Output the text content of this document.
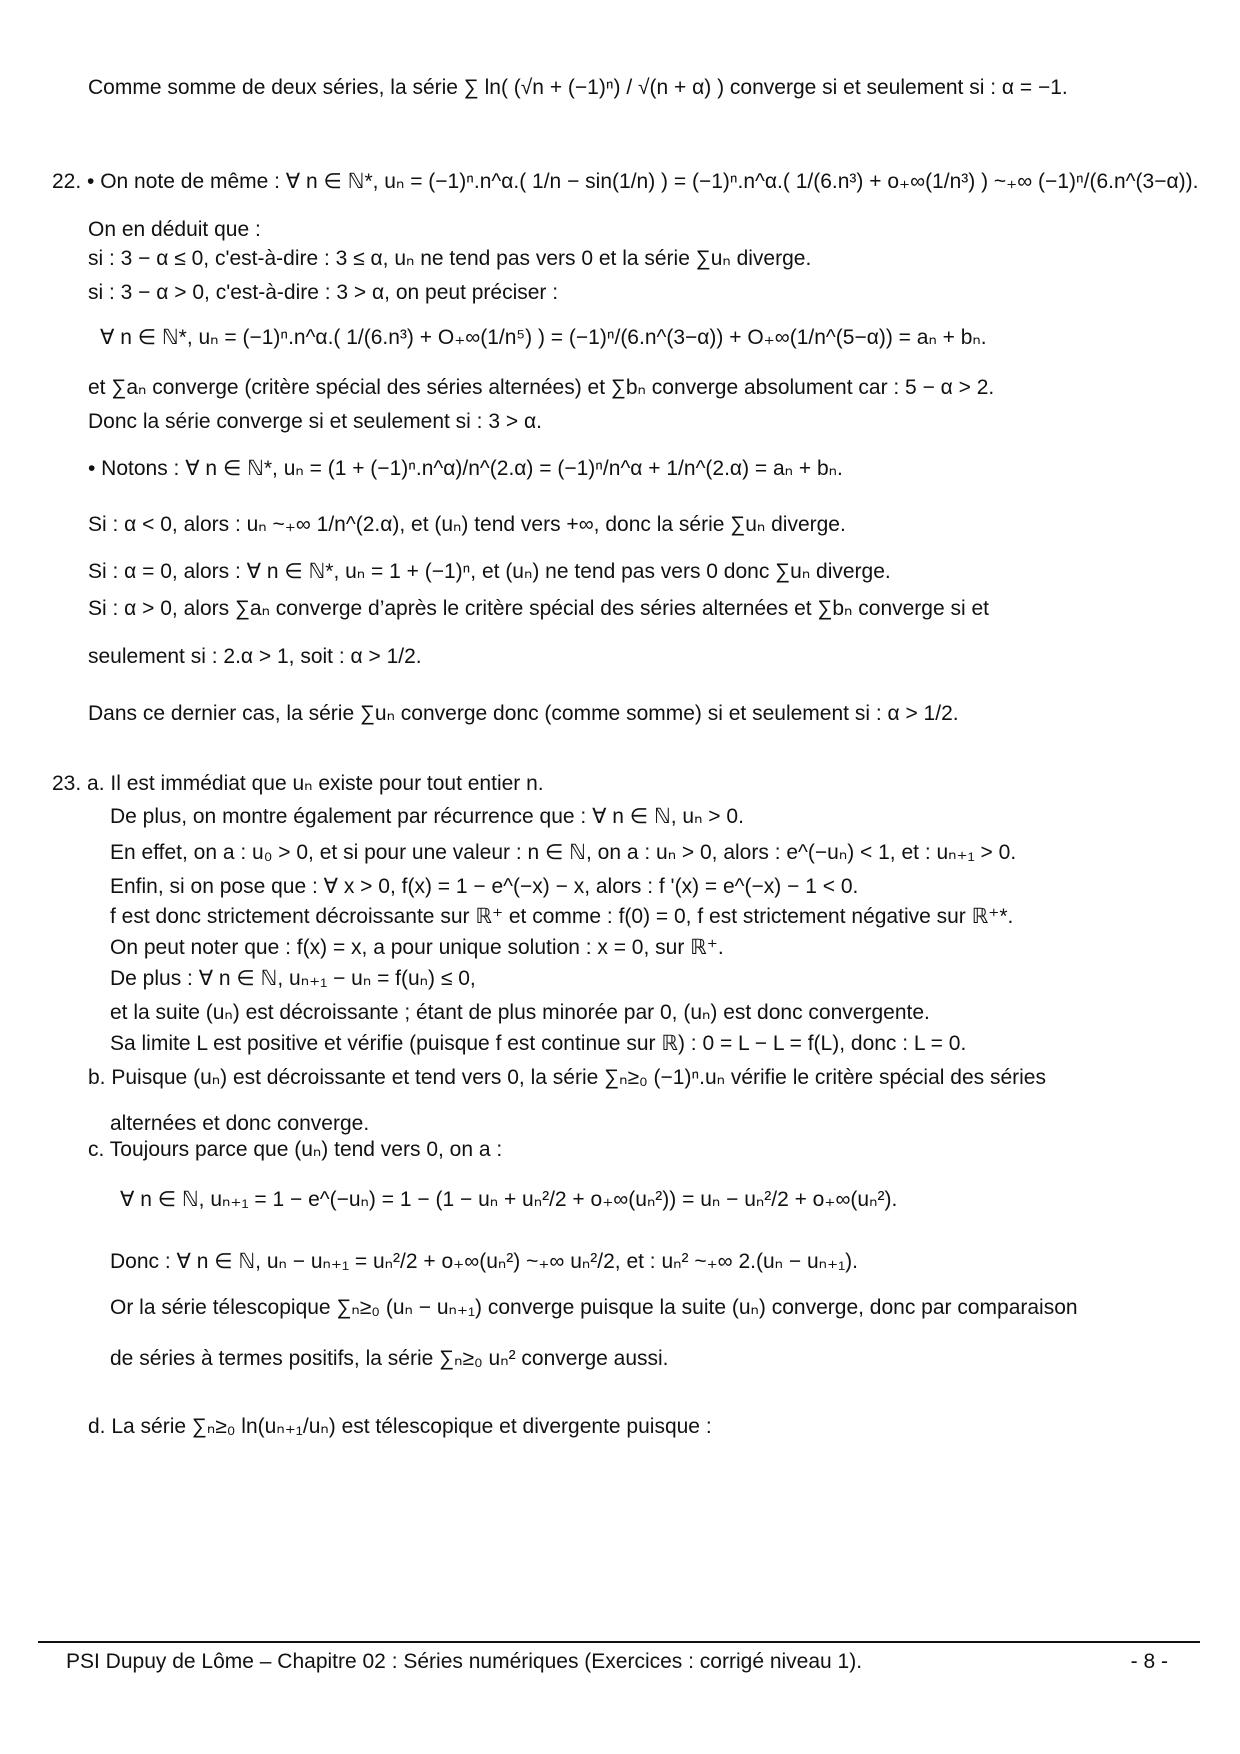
Comme somme de deux séries, la série ∑ ln( (√n + (−1)ⁿ) / √(n + α) ) converge si et seulement si : α = −1.
22. • On note de même : ∀ n ∈ ℕ*, uₙ = (−1)ⁿ.n^α.( 1/n − sin(1/n) ) = (−1)ⁿ.n^α.( 1/(6.n³) + o₊∞(1/n³) ) ~₊∞ (−1)ⁿ/(6.n^(3−α)).
On en déduit que :
si : 3 − α ≤ 0, c'est-à-dire : 3 ≤ α, uₙ ne tend pas vers 0 et la série ∑uₙ diverge.
si : 3 − α > 0, c'est-à-dire : 3 > α, on peut préciser :
∀ n ∈ ℕ*, uₙ = (−1)ⁿ.n^α.( 1/(6.n³) + O₊∞(1/n⁵) ) = (−1)ⁿ/(6.n^(3−α)) + O₊∞(1/n^(5−α)) = aₙ + bₙ.
et ∑aₙ converge (critère spécial des séries alternées) et ∑bₙ converge absolument car : 5 − α > 2.
Donc la série converge si et seulement si : 3 > α.
• Notons : ∀ n ∈ ℕ*, uₙ = (1 + (−1)ⁿ.n^α)/n^(2.α) = (−1)ⁿ/n^α + 1/n^(2.α) = aₙ + bₙ.
Si : α < 0, alors : uₙ ~₊∞ 1/n^(2.α), et (uₙ) tend vers +∞, donc la série ∑uₙ diverge.
Si : α = 0, alors : ∀ n ∈ ℕ*, uₙ = 1 + (−1)ⁿ, et (uₙ) ne tend pas vers 0 donc ∑uₙ diverge.
Si : α > 0, alors ∑aₙ converge d’après le critère spécial des séries alternées et ∑bₙ converge si et
seulement si : 2.α > 1, soit : α > 1/2.
Dans ce dernier cas, la série ∑uₙ converge donc (comme somme) si et seulement si : α > 1/2.
23. a. Il est immédiat que uₙ existe pour tout entier n.
De plus, on montre également par récurrence que : ∀ n ∈ ℕ, uₙ > 0.
En effet, on a : u₀ > 0, et si pour une valeur : n ∈ ℕ, on a : uₙ > 0, alors : e^(−uₙ) < 1, et : uₙ₊₁ > 0.
Enfin, si on pose que : ∀ x > 0, f(x) = 1 − e^(−x) − x, alors : f '(x) = e^(−x) − 1 < 0.
f est donc strictement décroissante sur ℝ⁺ et comme : f(0) = 0, f est strictement négative sur ℝ⁺*.
On peut noter que : f(x) = x, a pour unique solution : x = 0, sur ℝ⁺.
De plus : ∀ n ∈ ℕ, uₙ₊₁ − uₙ = f(uₙ) ≤ 0,
et la suite (uₙ) est décroissante ; étant de plus minorée par 0, (uₙ) est donc convergente.
Sa limite L est positive et vérifie (puisque f est continue sur ℝ) : 0 = L − L = f(L), donc : L = 0.
b. Puisque (uₙ) est décroissante et tend vers 0, la série ∑ₙ≥₀ (−1)ⁿ.uₙ vérifie le critère spécial des séries
alternées et donc converge.
c. Toujours parce que (uₙ) tend vers 0, on a :
∀ n ∈ ℕ, uₙ₊₁ = 1 − e^(−uₙ) = 1 − (1 − uₙ + uₙ²/2 + o₊∞(uₙ²)) = uₙ − uₙ²/2 + o₊∞(uₙ²).
Donc : ∀ n ∈ ℕ, uₙ − uₙ₊₁ = uₙ²/2 + o₊∞(uₙ²) ~₊∞ uₙ²/2, et : uₙ² ~₊∞ 2.(uₙ − uₙ₊₁).
Or la série télescopique ∑ₙ≥₀ (uₙ − uₙ₊₁) converge puisque la suite (uₙ) converge, donc par comparaison
de séries à termes positifs, la série ∑ₙ≥₀ uₙ² converge aussi.
d. La série ∑ₙ≥₀ ln(uₙ₊₁/uₙ) est télescopique et divergente puisque :
PSI Dupuy de Lôme – Chapitre 02 : Séries numériques (Exercices : corrigé niveau 1).	- 8 -
